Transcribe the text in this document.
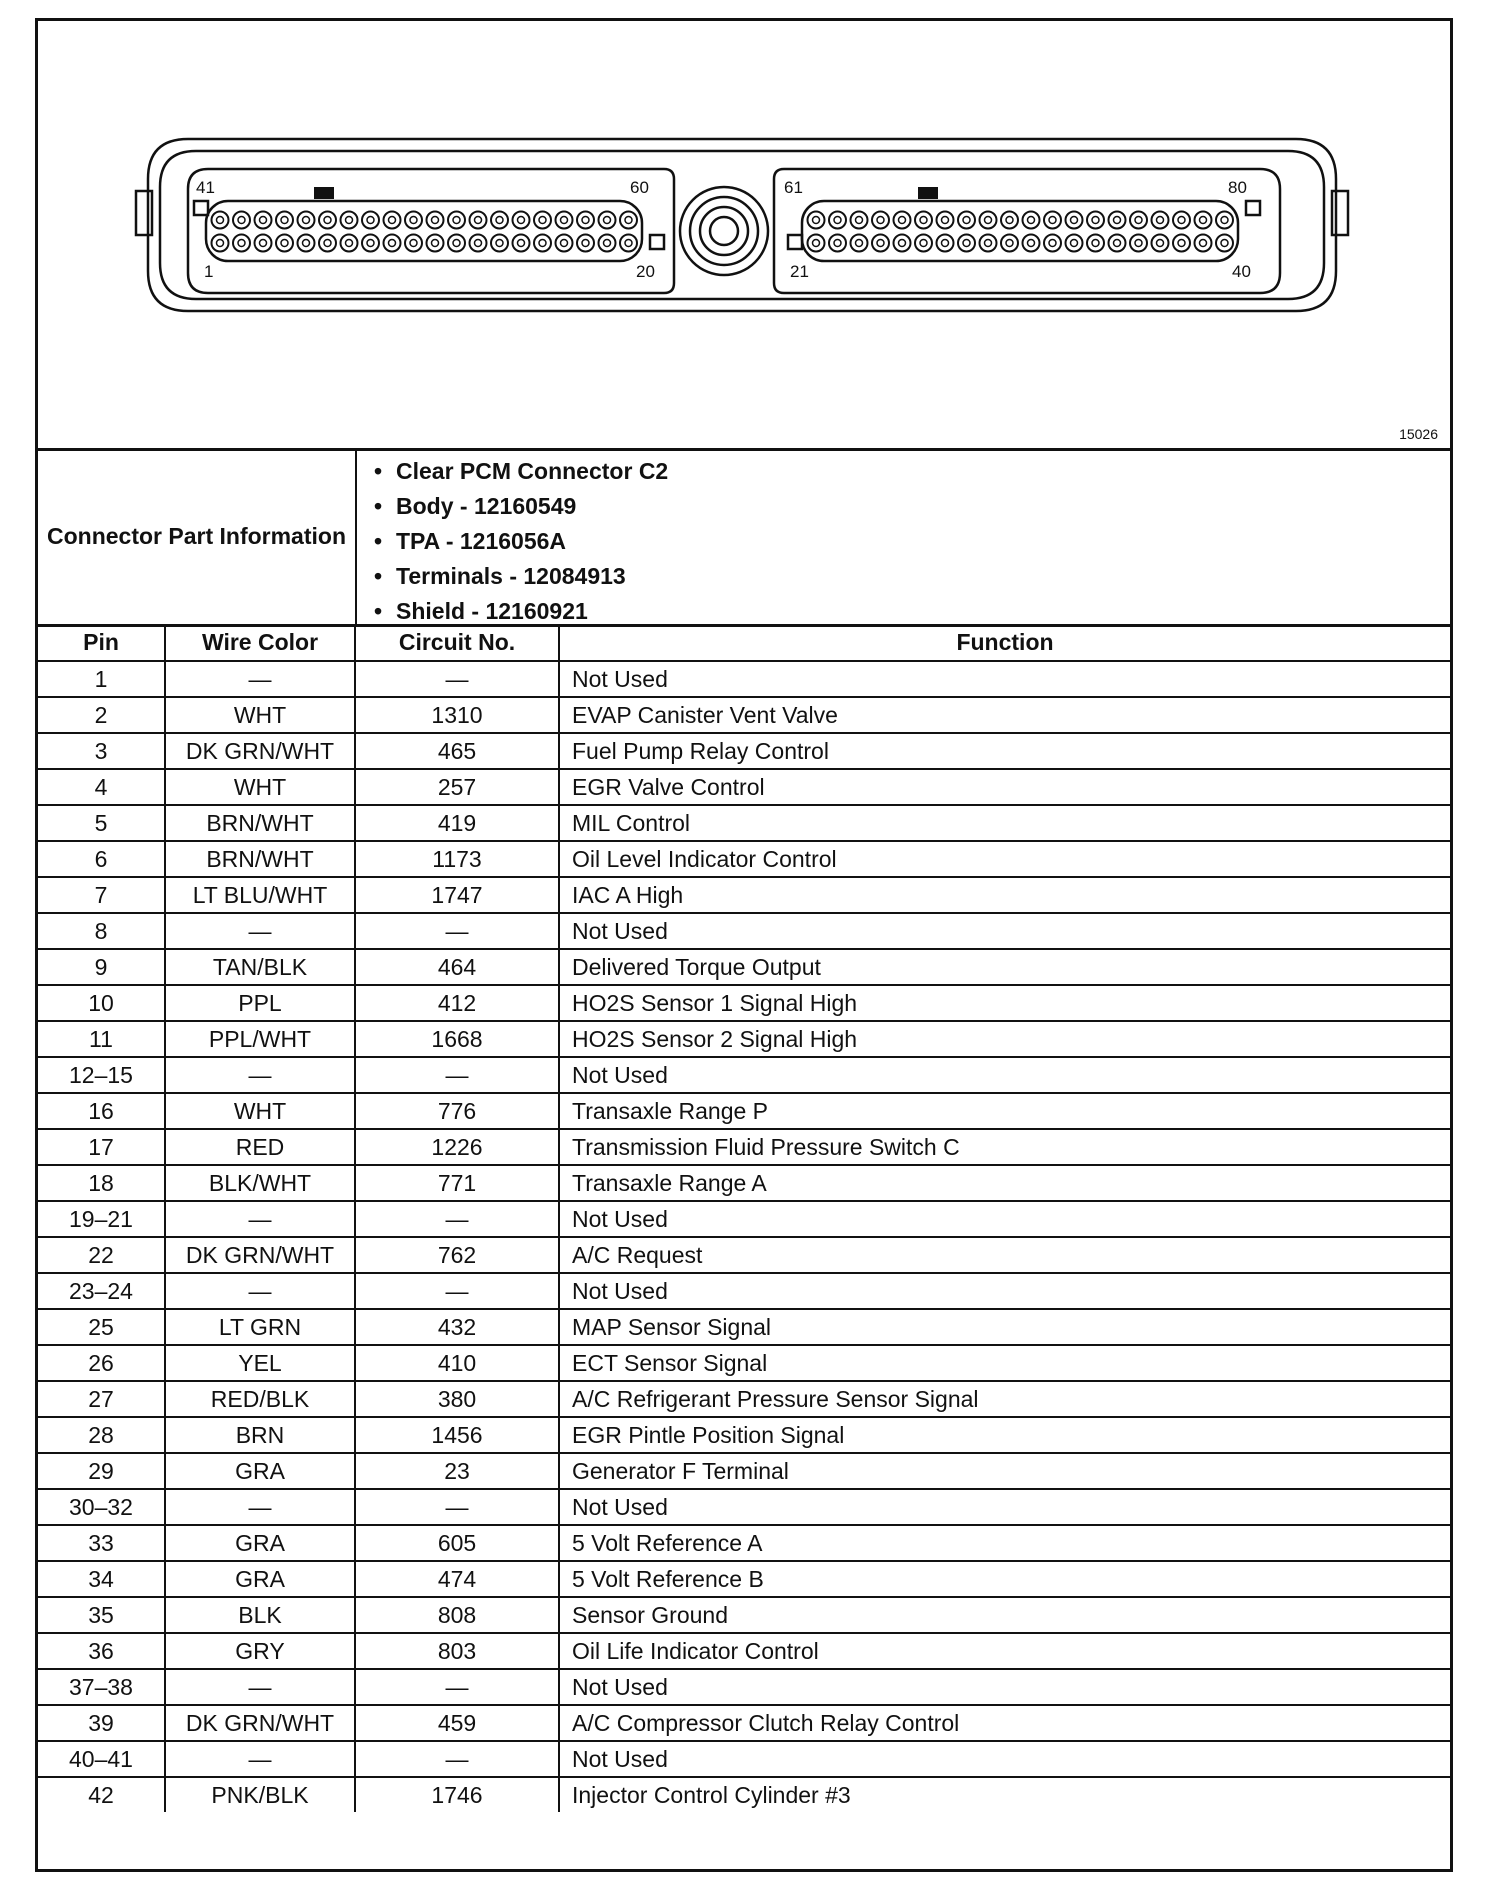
41	60
1	20
61	80
21	40
15026
Connector Part Information
• Clear PCM Connector C2
• Body - 12160549
• TPA - 1216056A
• Terminals - 12084913
• Shield - 12160921
Pin	Wire Color	Circuit No.	Function
1	—	—	Not Used
2	WHT	1310	EVAP Canister Vent Valve
3	DK GRN/WHT	465	Fuel Pump Relay Control
4	WHT	257	EGR Valve Control
5	BRN/WHT	419	MIL Control
6	BRN/WHT	1173	Oil Level Indicator Control
7	LT BLU/WHT	1747	IAC A High
8	—	—	Not Used
9	TAN/BLK	464	Delivered Torque Output
10	PPL	412	HO2S Sensor 1 Signal High
11	PPL/WHT	1668	HO2S Sensor 2 Signal High
12–15	—	—	Not Used
16	WHT	776	Transaxle Range P
17	RED	1226	Transmission Fluid Pressure Switch C
18	BLK/WHT	771	Transaxle Range A
19–21	—	—	Not Used
22	DK GRN/WHT	762	A/C Request
23–24	—	—	Not Used
25	LT GRN	432	MAP Sensor Signal
26	YEL	410	ECT Sensor Signal
27	RED/BLK	380	A/C Refrigerant Pressure Sensor Signal
28	BRN	1456	EGR Pintle Position Signal
29	GRA	23	Generator F Terminal
30–32	—	—	Not Used
33	GRA	605	5 Volt Reference A
34	GRA	474	5 Volt Reference B
35	BLK	808	Sensor Ground
36	GRY	803	Oil Life Indicator Control
37–38	—	—	Not Used
39	DK GRN/WHT	459	A/C Compressor Clutch Relay Control
40–41	—	—	Not Used
42	PNK/BLK	1746	Injector Control Cylinder #3
